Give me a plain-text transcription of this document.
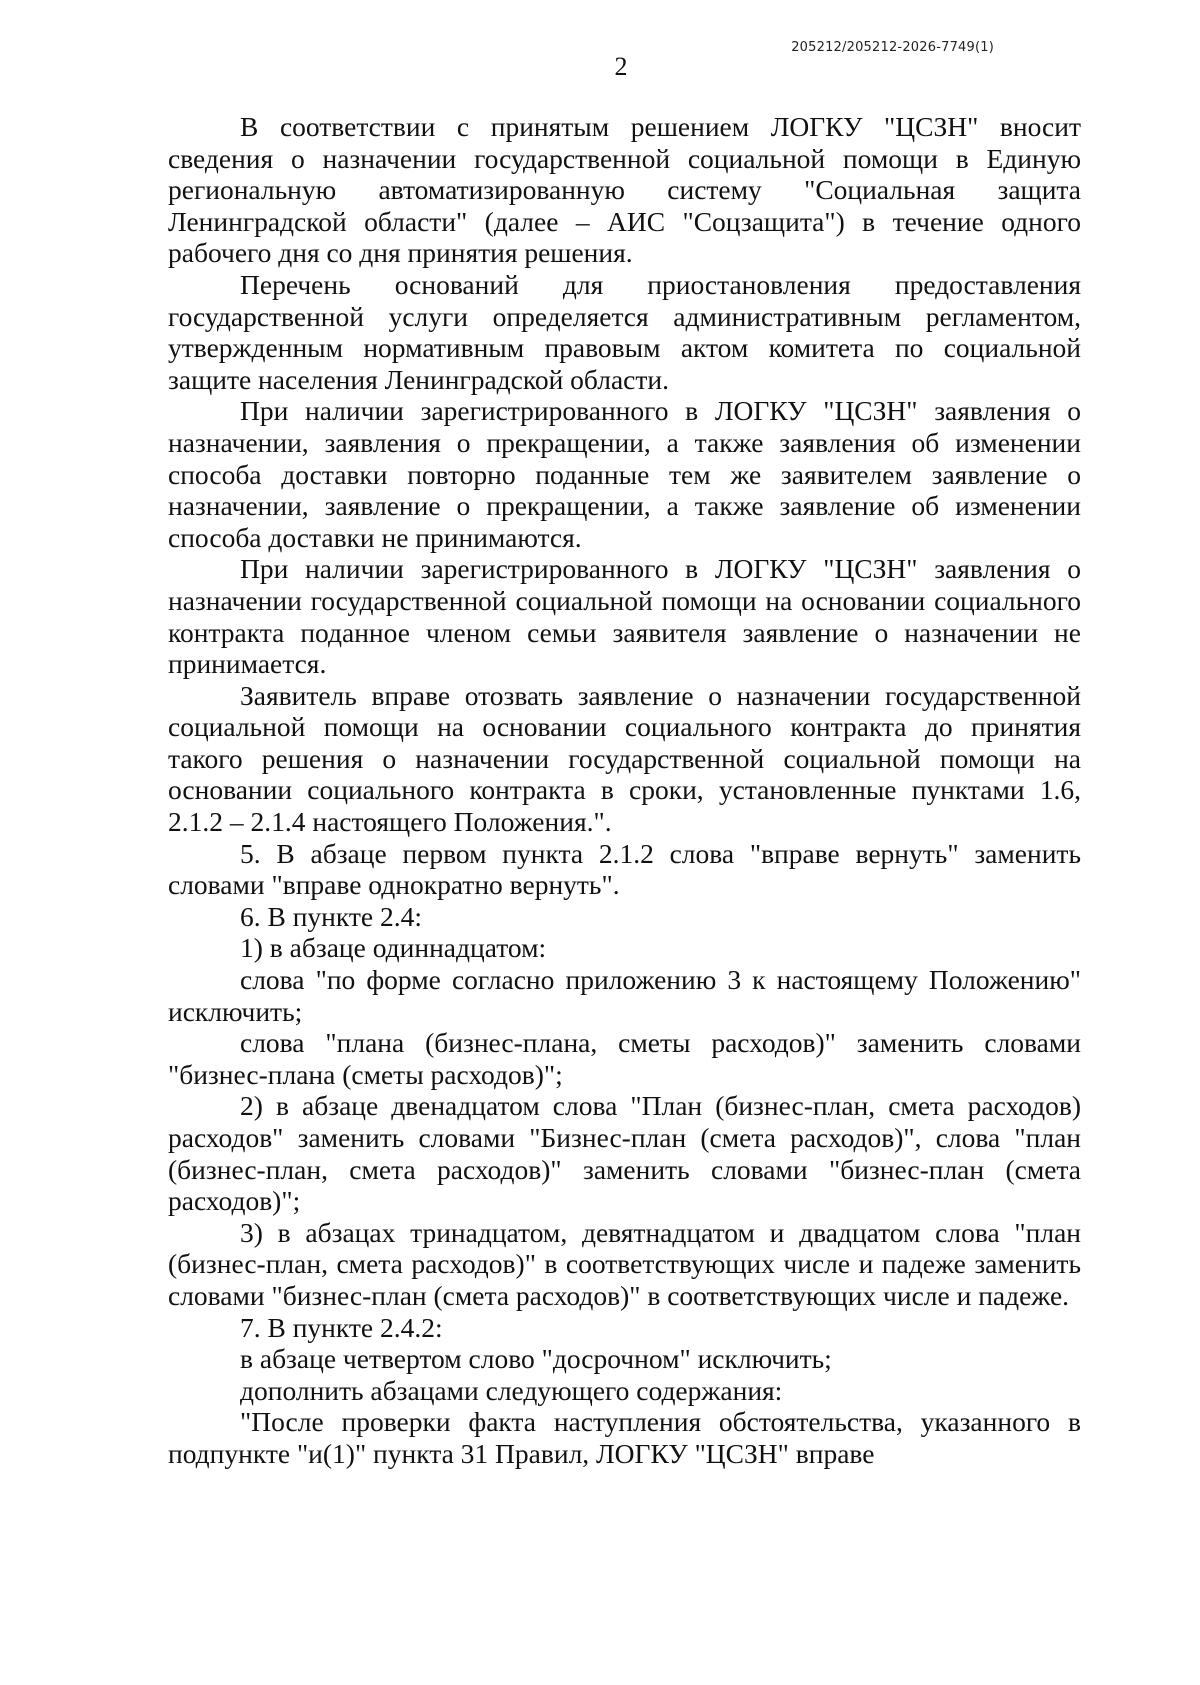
205212/205212-2026-7749(1)
2

В соответствии с принятым решением ЛОГКУ "ЦСЗН" вносит сведения о назначении государственной социальной помощи в Единую региональную автоматизированную систему "Социальная защита Ленинградской области" (далее – АИС "Соцзащита") в течение одного рабочего дня со дня принятия решения.

Перечень оснований для приостановления предоставления государственной услуги определяется административным регламентом, утвержденным нормативным правовым актом комитета по социальной защите населения Ленинградской области.

При наличии зарегистрированного в ЛОГКУ "ЦСЗН" заявления о назначении, заявления о прекращении, а также заявления об изменении способа доставки повторно поданные тем же заявителем заявление о назначении, заявление о прекращении, а также заявление об изменении способа доставки не принимаются.

При наличии зарегистрированного в ЛОГКУ "ЦСЗН" заявления о назначении государственной социальной помощи на основании социального контракта поданное членом семьи заявителя заявление о назначении не принимается.

Заявитель вправе отозвать заявление о назначении государственной социальной помощи на основании социального контракта до принятия такого решения о назначении государственной социальной помощи на основании социального контракта в сроки, установленные пунктами 1.6, 2.1.2 – 2.1.4 настоящего Положения.".

5. В абзаце первом пункта 2.1.2 слова "вправе вернуть" заменить словами "вправе однократно вернуть".

6. В пункте 2.4:

1) в абзаце одиннадцатом:

слова "по форме согласно приложению 3 к настоящему Положению" исключить;

слова "плана (бизнес-плана, сметы расходов)" заменить словами "бизнес-плана (сметы расходов)";

2) в абзаце двенадцатом слова "План (бизнес-план, смета расходов) расходов" заменить словами "Бизнес-план (смета расходов)", слова "план (бизнес-план, смета расходов)" заменить словами "бизнес-план (смета расходов)";

3) в абзацах тринадцатом, девятнадцатом и двадцатом слова "план (бизнес-план, смета расходов)" в соответствующих числе и падеже заменить словами "бизнес-план (смета расходов)" в соответствующих числе и падеже.

7. В пункте 2.4.2:

в абзаце четвертом слово "досрочном" исключить;

дополнить абзацами следующего содержания:

"После проверки факта наступления обстоятельства, указанного в подпункте "и(1)" пункта 31 Правил, ЛОГКУ "ЦСЗН" вправе
